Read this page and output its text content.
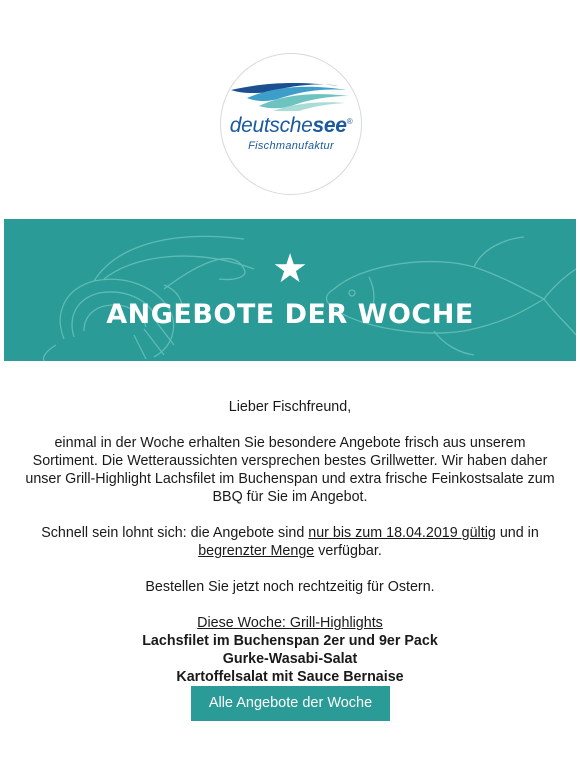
deutschesee®
Fischmanufaktur
★
ANGEBOTE DER WOCHE

Lieber Fischfreund,

einmal in der Woche erhalten Sie besondere Angebote frisch aus unserem Sortiment. Die Wetteraussichten versprechen bestes Grillwetter. Wir haben daher unser Grill-Highlight Lachsfilet im Buchenspan und extra frische Feinkostsalate zum BBQ für Sie im Angebot.

Schnell sein lohnt sich: die Angebote sind nur bis zum 18.04.2019 gültig und in begrenzter Menge verfügbar.

Bestellen Sie jetzt noch rechtzeitig für Ostern.

Diese Woche: Grill-Highlights

Lachsfilet im Buchenspan 2er und 9er Pack

Gurke-Wasabi-Salat

Kartoffelsalat mit Sauce Bernaise

Alle Angebote der Woche
